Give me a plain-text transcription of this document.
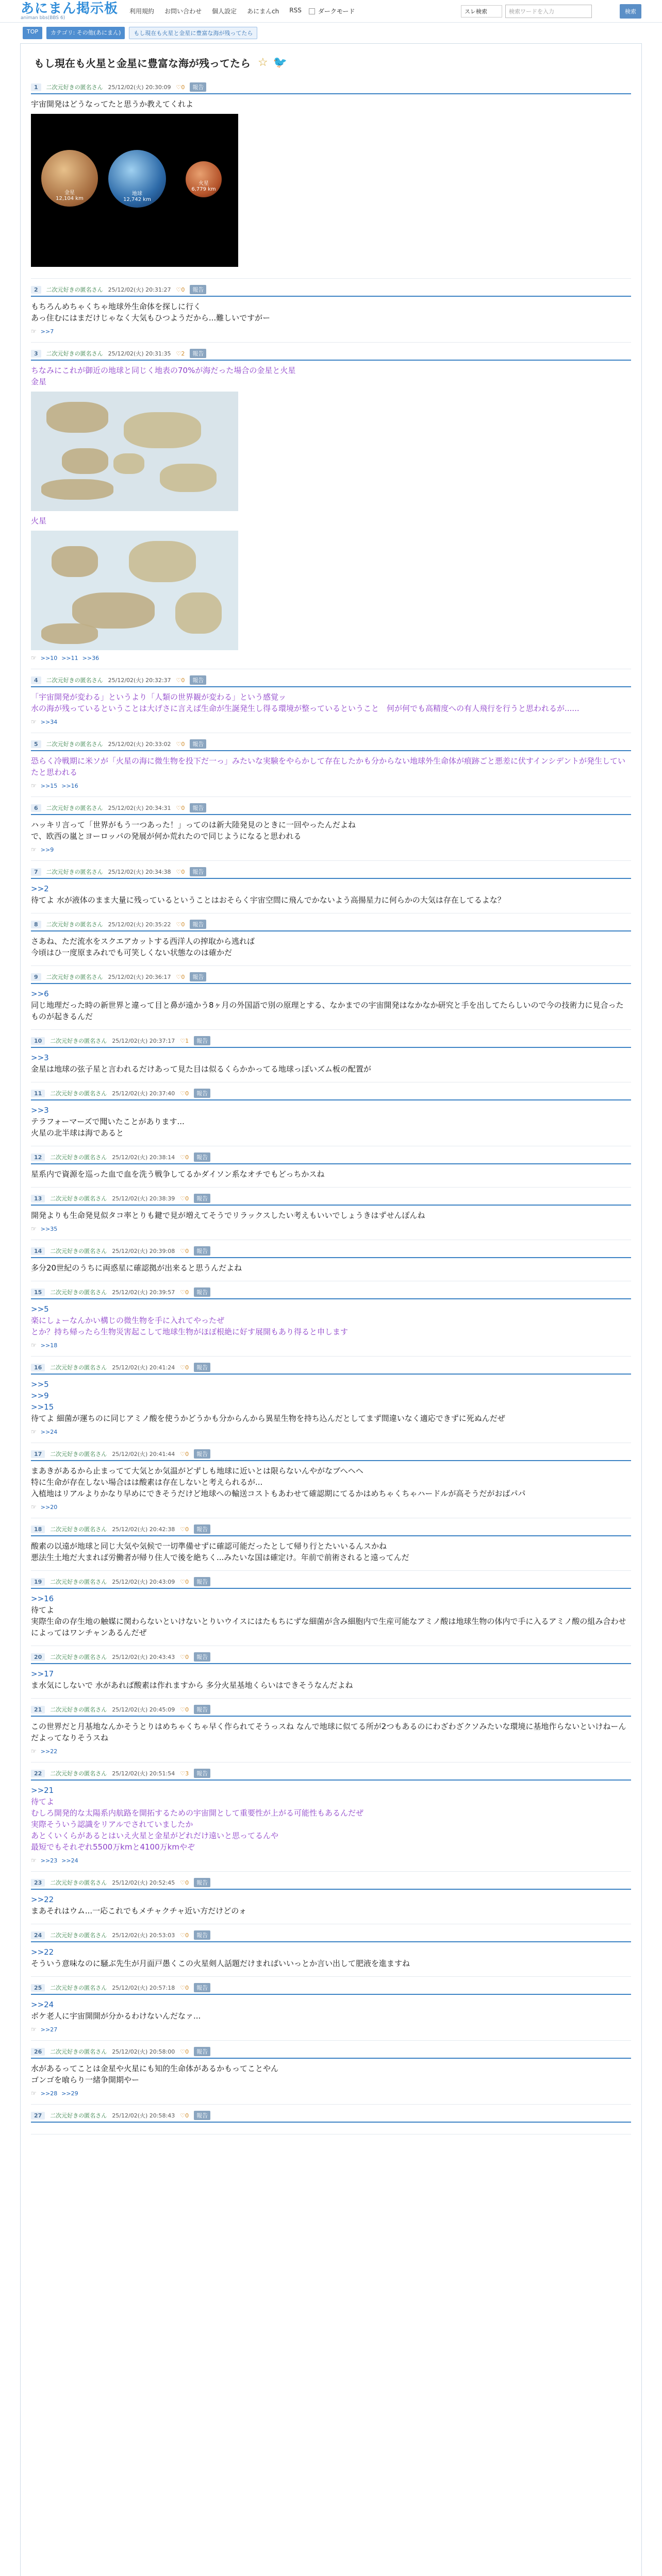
あにまん掲示板
animan bbs(BBS 6)
利用規約 お問い合わせ 個人設定 あにまんch RSS	ダークモード	スレ検索	検索ワードを入力	検索
TOP	カテゴリ: その他(あにまん)	もし現在も火星と金星に豊富な海が残ってたら
もし現在も火星と金星に豊富な海が残ってたら ☆ 🐦
1	二次元好きの匿名さん 25/12/02(火) 20:30:09 ♡0	報告
宇宙開発はどうなってたと思うか教えてくれよ
金星
12,104 km
地球
12,742 km
火星
6,779 km
2	二次元好きの匿名さん 25/12/02(火) 20:31:27 ♡0	報告
もちろんめちゃくちゃ地球外生命体を探しに行く
あっ住むにはまだけじゃなく大気もひつようだから...難しいですがー
☞ >>7
3	二次元好きの匿名さん 25/12/02(火) 20:31:35 ♡2	報告
ちなみにこれが御近の地球と同じく地表の70%が海だった場合の金星と火星
金星
火星
☞ >>10 >>11 >>36
4	二次元好きの匿名さん 25/12/02(火) 20:32:37 ♡0	報告
「宇宙開発が変わる」というより「人類の世界観が変わる」という感覚ッ
水の海が残っているということは大げさに言えば生命が生誕発生し得る環境が整っているということ　何が何でも高精度への有人飛行を行うと思われるが......
☞ >>34
5	二次元好きの匿名さん 25/12/02(火) 20:33:02 ♡0	報告
恐らく冷戦期に米ソが「火星の海に微生物を投下だ一っ」みたいな実験をやらかして存在したかも分からない地球外生命体が痕跡ごと悪差に伏すインシデントが発生していたと思われる
☞ >>15 >>16
6	二次元好きの匿名さん 25/12/02(火) 20:34:31 ♡0	報告
ハッキリ言って「世界がもう一つあった！」ってのは新大陸発見のときに一回やったんだよね
で、欧西の嵐とヨーロッパの発展が何か荒れたので同じようになると思われる
☞ >>9
7	二次元好きの匿名さん 25/12/02(火) 20:34:38 ♡0	報告
>>2
待てよ 水が液体のまま大量に残っているということはおそらく宇宙空間に飛んでかないよう高揚星力に何らかの大気は存在してるよな？
8	二次元好きの匿名さん 25/12/02(火) 20:35:22 ♡0	報告
さあね、ただ流水をスクエアカットする西洋人の搾取から逃れば
今頃はひ一度原まみれでも可笑しくない状態なのは確かだ
9	二次元好きの匿名さん 25/12/02(火) 20:36:17 ♡0	報告
>>6
同じ地理だった時の新世界と違って目と鼻が遠かう8ヶ月の外国語で別の原理とする、なかまでの宇宙開発はなかなか研究と手を出してたらしいので今の技術力に見合ったものが起きるんだ
10	二次元好きの匿名さん 25/12/02(火) 20:37:17 ♡1	報告
>>3
金星は地球の弦子星と言われるだけあって見た目は似るくらかかってる地球っぽいズム板の配置が
11	二次元好きの匿名さん 25/12/02(火) 20:37:40 ♡0	報告
>>3
テラフォーマーズで聞いたことがあります...
火星の北半球は海であると
12	二次元好きの匿名さん 25/12/02(火) 20:38:14 ♡0	報告
星系内で資源を巡った血で血を洗う戦争してるかダイソン系なオチでもどっちかスね
13	二次元好きの匿名さん 25/12/02(火) 20:38:39 ♡0	報告
開発よりも生命発見似タコ率とりも鍵で見が増えてそうでリラックスしたい考えもいいでしょうきはずせんぽんね
☞ >>35
14	二次元好きの匿名さん 25/12/02(火) 20:39:08 ♡0	報告
多分20世紀のうちに両惑星に確認拠が出来ると思うんだよね
15	二次元好きの匿名さん 25/12/02(火) 20:39:57 ♡0	報告
>>5
楽にしょーなんかい構じの微生物を手に入れてやったぜ
とか？持ち帰ったら生物災害起こして地球生物がほぼ根絶に好す展開もあり得ると申します
☞ >>18
16	二次元好きの匿名さん 25/12/02(火) 20:41:24 ♡0	報告
>>5
>>9
>>15
待てよ 細菌が運ちのに同じアミノ酸を使うかどうかも分からんから異星生物を持ち込んだとしてまず間違いなく適応できずに死ぬんだぜ
☞ >>24
17	二次元好きの匿名さん 25/12/02(火) 20:41:44 ♡0	報告
まあきがあるから止まってて大気とか気温がどずしも地球に近いとは限らないんやがなブへヘヘ
特に生命が存在しない場合はは酸素は存在しないと考えられるが...
入植地はリアルよりかなり早めにできそうだけど地球への輸送コストもあわせて確認期にてるかはめちゃくちゃハードルが高そうだがおばパパ
☞ >>20
18	二次元好きの匿名さん 25/12/02(火) 20:42:38 ♡0	報告
酸素の以遠が地球と同じ大気や気候で一切準備せずに確認可能だったとして帰り行とたいいるんスかね
悪法生土地だ大まれば労働者が帰り住人で後を絶ちく...みたいな国は確定け。年前で前術されると遠ってんだ
19	二次元好きの匿名さん 25/12/02(火) 20:43:09 ♡0	報告
>>16
待てよ
実際生命の存生地の触媒に関わらないといけないとりいウイスにはたもちにずな細菌が含み細胞内で生産可能なアミノ酸は地球生物の体内で手に入るアミノ酸の組み合わせによってはワンチャンあるんだぜ
20	二次元好きの匿名さん 25/12/02(火) 20:43:43 ♡0	報告
>>17
ま水気にしないで 水があれば酸素は作れますから 多分火星基地くらいはできそうなんだよね
21	二次元好きの匿名さん 25/12/02(火) 20:45:09 ♡0	報告
この世界だと月基地なんかそうとりはめちゃくちゃ早く作られてそうっスね なんで地球に似てる所が2つもあるのにわざわざクソみたいな環境に基地作らないといけねーんだよってなりそうスね
☞ >>22
22	二次元好きの匿名さん 25/12/02(火) 20:51:54 ♡3	報告
>>21
待てよ
むしろ開発的な太陽系内航路を開拓するための宇宙開として重要性が上がる可能性もあるんだぜ
実際そういう認識をリアルでされていましたか
あとくいくらがあるとはいえ火星と金星がどれだけ遠いと思ってるんや
最短でもそれぞれ5500万kmと4100万kmやぞ
☞ >>23 >>24
23	二次元好きの匿名さん 25/12/02(火) 20:52:45 ♡0	報告
>>22
まあそれはウム...一応これでもメチャクチャ近い方だけどのォ
24	二次元好きの匿名さん 25/12/02(火) 20:53:03 ♡0	報告
>>22
そういう意味なのに騒ぶ先生が月面戸愚くこの火星剣人話題だけまればいいっとか言い出して肥液を進ますね
25	二次元好きの匿名さん 25/12/02(火) 20:57:18 ♡0	報告
>>24
ボケ老人に宇宙開開が分かるわけないんだなァ...
☞ >>27
26	二次元好きの匿名さん 25/12/02(火) 20:58:00 ♡0	報告
水があるってことは金星や火星にも知的生命体があるかもってことやん
ゴンゴを喰らり一緒争開期やー
☞ >>28 >>29
27	二次元好きの匿名さん 25/12/02(火) 20:58:43 ♡0	報告
